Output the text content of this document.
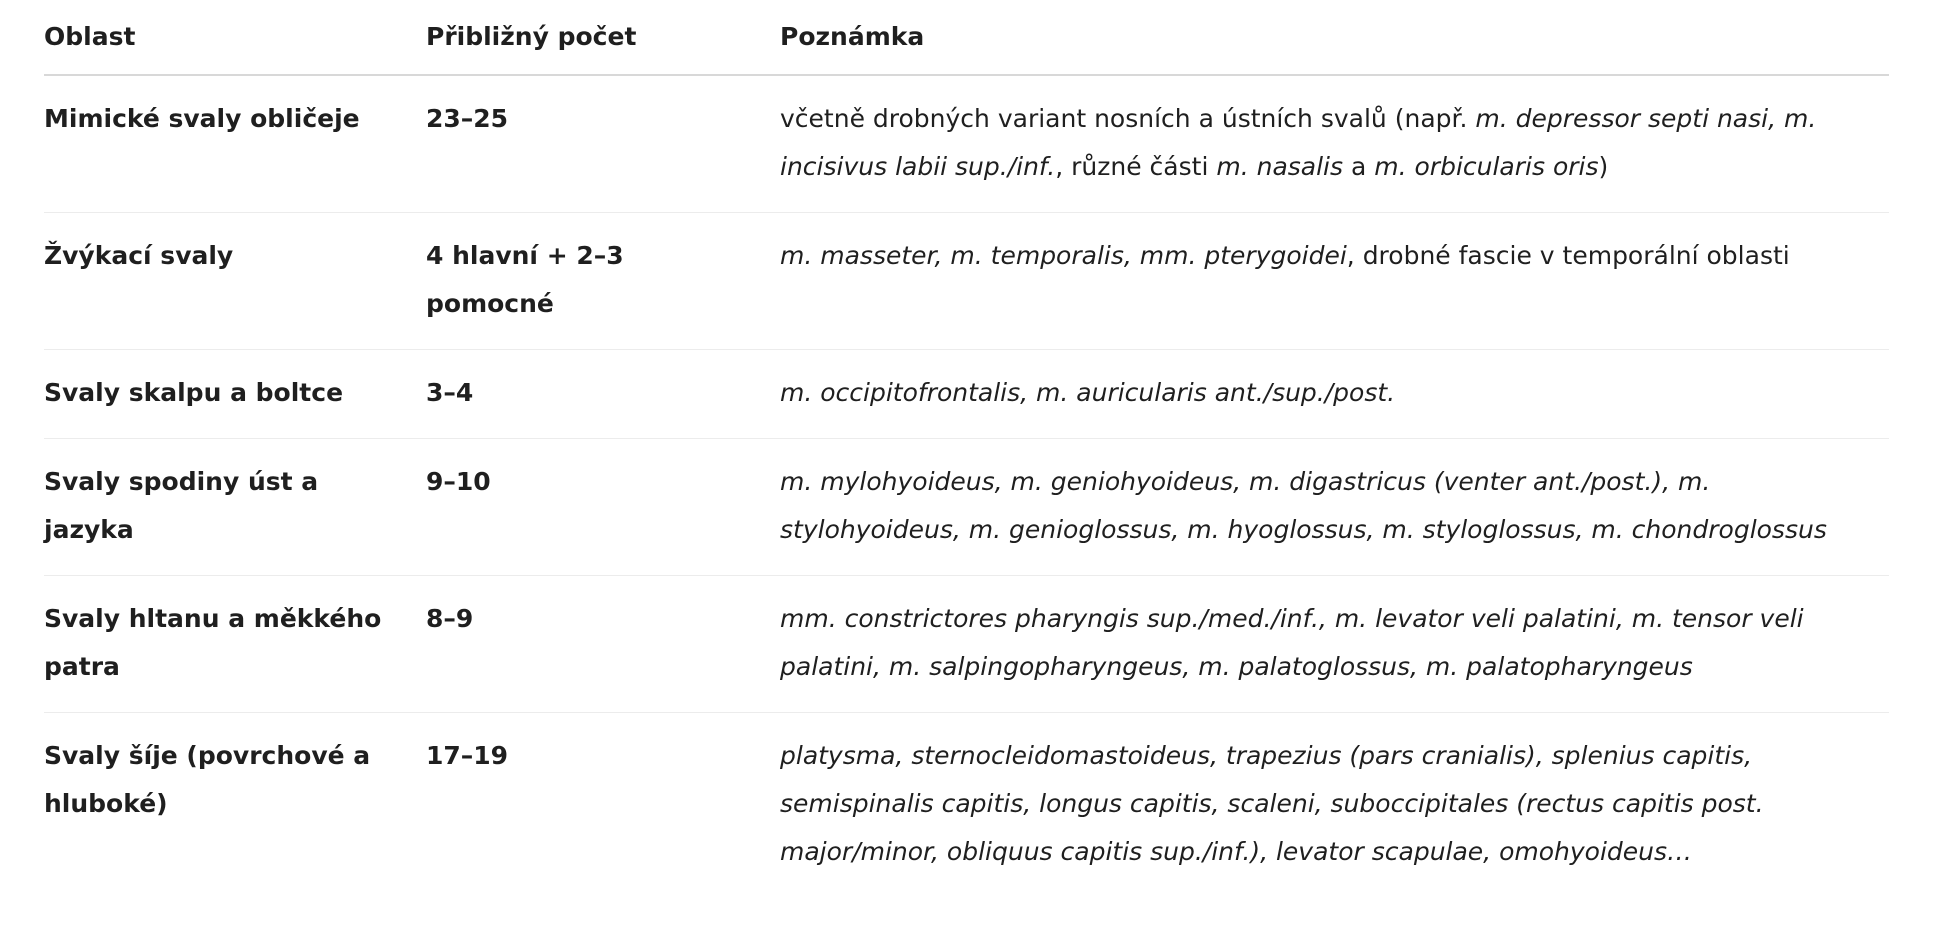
Oblast	Přibližný počet	Poznámka
Mimické svaly obličeje	23–25	včetně drobných variant nosních a ústních svalů (např. m. depressor septi nasi, m. incisivus labii sup./inf., různé části m. nasalis a m. orbicularis oris)
Žvýkací svaly	4 hlavní + 2–3 pomocné	m. masseter, m. temporalis, mm. pterygoidei, drobné fascie v temporální oblasti
Svaly skalpu a boltce	3–4	m. occipitofrontalis, m. auricularis ant./sup./post.
Svaly spodiny úst a jazyka	9–10	m. mylohyoideus, m. geniohyoideus, m. digastricus (venter ant./post.), m. stylohyoideus, m. genioglossus, m. hyoglossus, m. styloglossus, m. chondroglossus
Svaly hltanu a měkkého patra	8–9	mm. constrictores pharyngis sup./med./inf., m. levator veli palatini, m. tensor veli palatini, m. salpingopharyngeus, m. palatoglossus, m. palatopharyngeus
Svaly šíje (povrchové a hluboké)	17–19	platysma, sternocleidomastoideus, trapezius (pars cranialis), splenius capitis, semispinalis capitis, longus capitis, scaleni, suboccipitales (rectus capitis post. major/minor, obliquus capitis sup./inf.), levator scapulae, omohyoideus…
